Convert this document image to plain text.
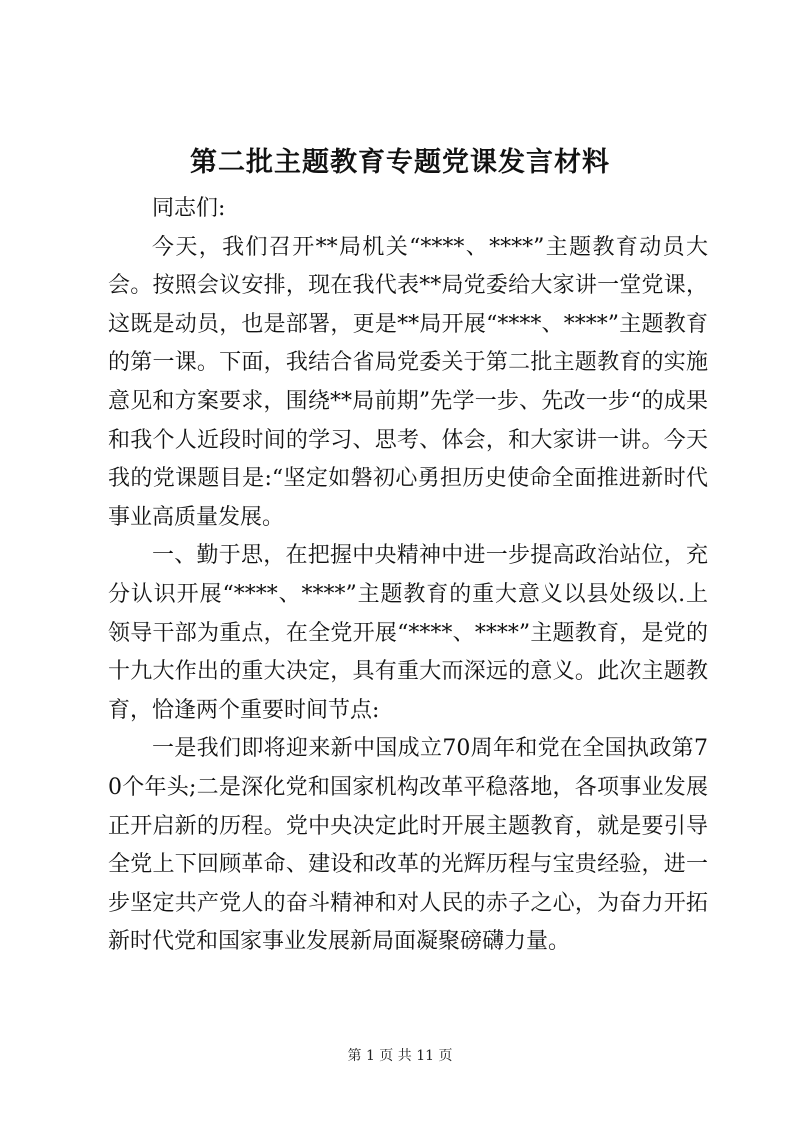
第二批主题教育专题党课发言材料

同志们:

今天，我们召开**局机关“****、****”主题教育动员大会。按照会议安排，现在我代表**局党委给大家讲一堂党课，这既是动员，也是部署，更是**局开展“****、****”主题教育的第一课。下面，我结合省局党委关于第二批主题教育的实施意见和方案要求，围绕**局前期”先学一步、先改一步“的成果和我个人近段时间的学习、思考、体会，和大家讲一讲。今天我的党课题目是:“坚定如磐初心勇担历史使命全面推进新时代事业高质量发展。

一、勤于思，在把握中央精神中进一步提高政治站位，充分认识开展“****、****”主题教育的重大意义以县处级以.上领导干部为重点，在全党开展“****、****”主题教育，是党的十九大作出的重大决定，具有重大而深远的意义。此次主题教育，恰逢两个重要时间节点:

一是我们即将迎来新中国成立70周年和党在全国执政第70个年头;二是深化党和国家机构改革平稳落地，各项事业发展正开启新的历程。党中央决定此时开展主题教育，就是要引导全党上下回顾革命、建设和改革的光辉历程与宝贵经验，进一步坚定共产党人的奋斗精神和对人民的赤子之心，为奋力开拓新时代党和国家事业发展新局面凝聚磅礴力量。

第 1 页 共 11 页
